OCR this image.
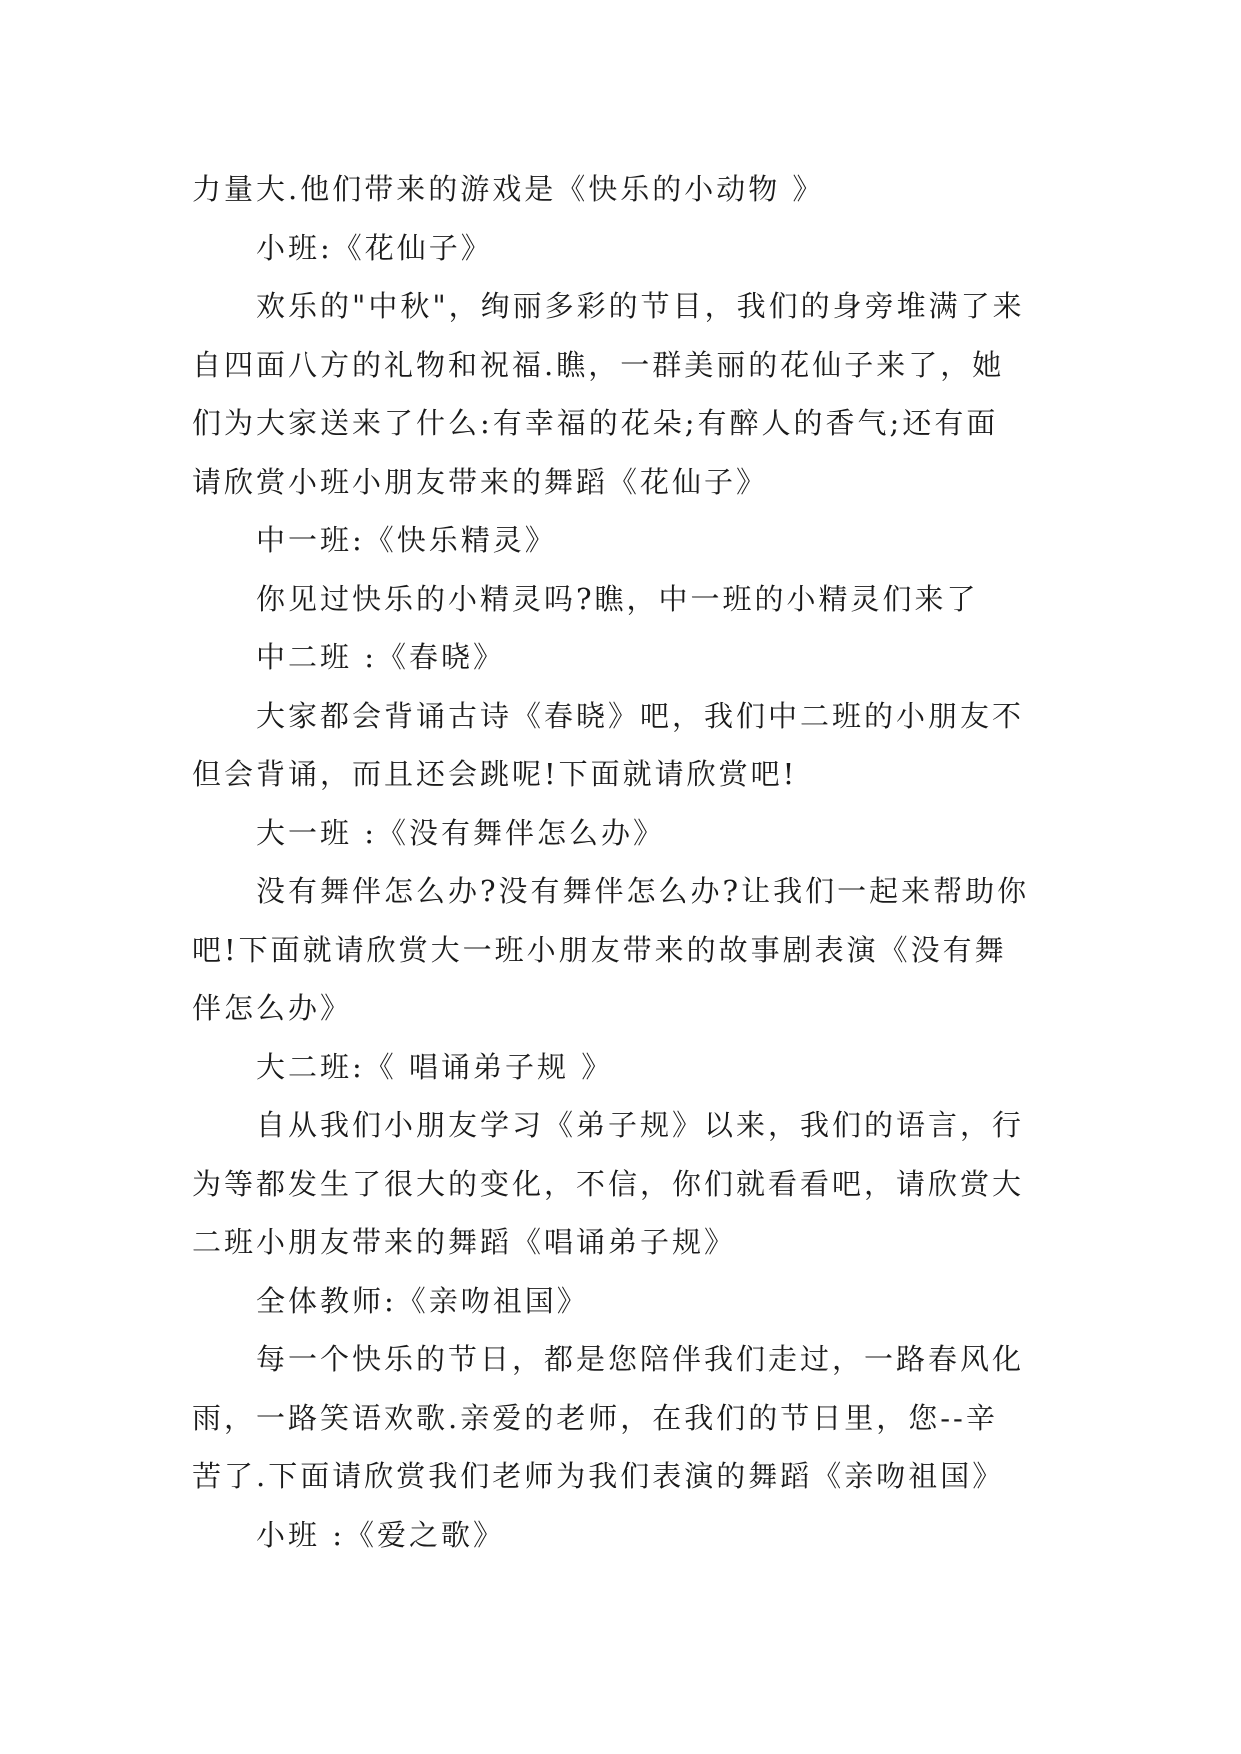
力量大.他们带来的游戏是《快乐的小动物 》
小班:《花仙子》
欢乐的"中秋"，绚丽多彩的节目，我们的身旁堆满了来
自四面八方的礼物和祝福.瞧，一群美丽的花仙子来了，她
们为大家送来了什么:有幸福的花朵;有醉人的香气;还有面
请欣赏小班小朋友带来的舞蹈《花仙子》
中一班:《快乐精灵》
你见过快乐的小精灵吗?瞧，中一班的小精灵们来了
中二班 :《春晓》
大家都会背诵古诗《春晓》吧，我们中二班的小朋友不
但会背诵，而且还会跳呢!下面就请欣赏吧!
大一班 :《没有舞伴怎么办》
没有舞伴怎么办?没有舞伴怎么办?让我们一起来帮助你
吧!下面就请欣赏大一班小朋友带来的故事剧表演《没有舞
伴怎么办》
大二班:《 唱诵弟子规 》
自从我们小朋友学习《弟子规》以来，我们的语言，行
为等都发生了很大的变化，不信，你们就看看吧，请欣赏大
二班小朋友带来的舞蹈《唱诵弟子规》
全体教师:《亲吻祖国》
每一个快乐的节日，都是您陪伴我们走过，一路春风化
雨，一路笑语欢歌.亲爱的老师，在我们的节日里，您--辛
苦了.下面请欣赏我们老师为我们表演的舞蹈《亲吻祖国》
小班 :《爱之歌》
